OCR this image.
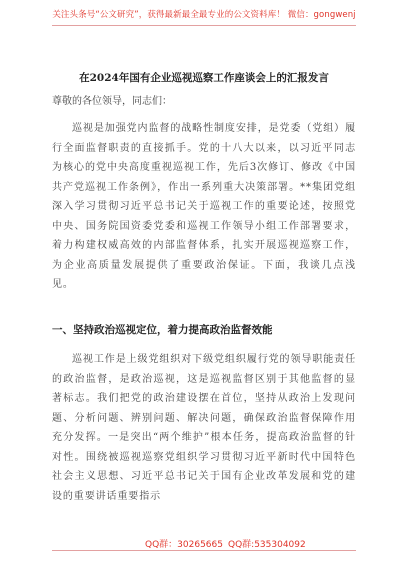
关注头条号“公文研究”，获得最新最全最专业的公文资料库！ 微信：gongwenj
在2024年国有企业巡视巡察工作座谈会上的汇报发言
尊敬的各位领导，同志们：
巡视是加强党内监督的战略性制度安排，是党委（党组）履行全面监督职责的直接抓手。党的十八大以来，以习近平同志为核心的党中央高度重视巡视工作，先后3次修订、修改《中国共产党巡视工作条例》，作出一系列重大决策部署。**集团党组深入学习贯彻习近平总书记关于巡视工作的重要论述，按照党中央、国务院国资委党委和巡视工作领导小组工作部署要求，着力构建权威高效的内部监督体系，扎实开展巡视巡察工作，为企业高质量发展提供了重要政治保证。下面，我谈几点浅见。
一、坚持政治巡视定位，着力提高政治监督效能
巡视工作是上级党组织对下级党组织履行党的领导职能责任的政治监督，是政治巡视，这是巡视监督区别于其他监督的显著标志。我们把党的政治建设摆在首位，坚持从政治上发现问题、分析问题、辨别问题、解决问题，确保政治监督保障作用充分发挥。一是突出“两个维护”根本任务，提高政治监督的针对性。围绕被巡视巡察党组织学习贯彻习近平新时代中国特色社会主义思想、习近平总书记关于国有企业改革发展和党的建设的重要讲话重要指示
QQ群：30265665 QQ群:535304092
